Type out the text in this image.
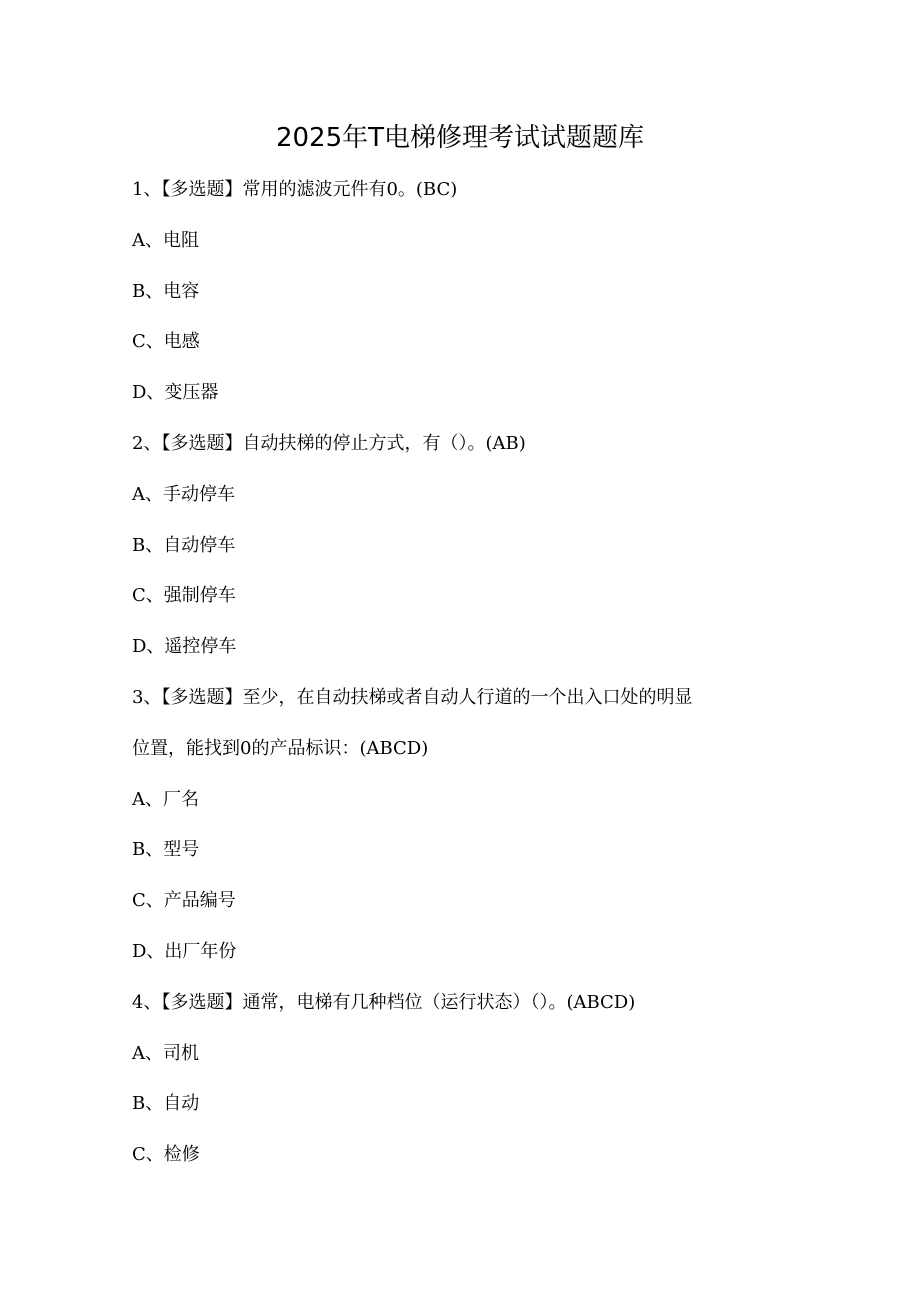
2025年T电梯修理考试试题题库
1、【多选题】常用的滤波元件有0。(BC)
A、电阻
B、电容
C、电感
D、变压器
2、【多选题】自动扶梯的停止方式，有（）。(AB)
A、手动停车
B、自动停车
C、强制停车
D、遥控停车
3、【多选题】至少，在自动扶梯或者自动人行道的一个出入口处的明显
位置，能找到0的产品标识：(ABCD)
A、厂名
B、型号
C、产品编号
D、出厂年份
4、【多选题】通常，电梯有几种档位（运行状态）（）。(ABCD)
A、司机
B、自动
C、检修
